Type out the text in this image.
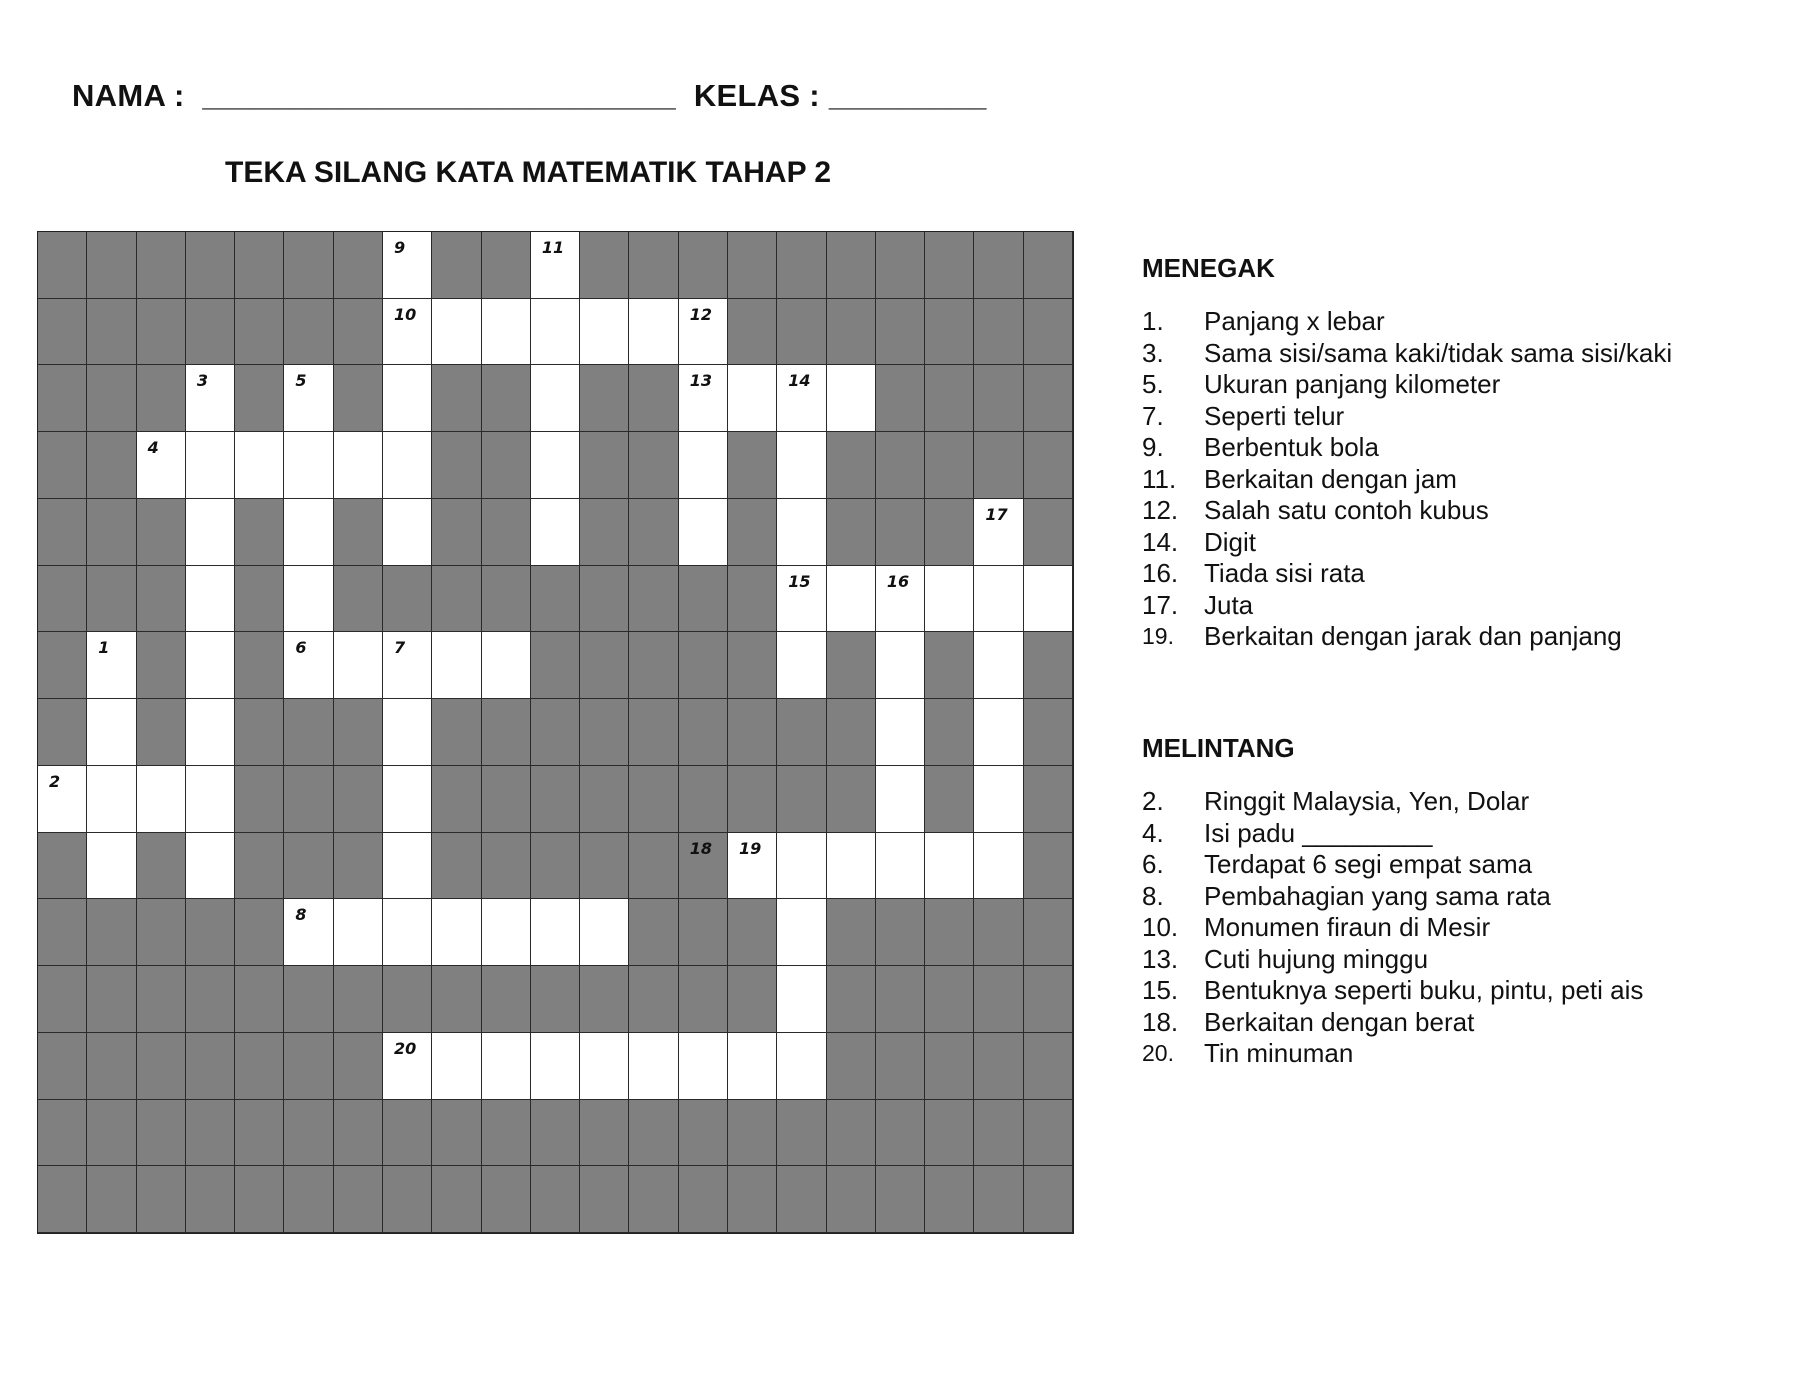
NAMA :  ___________________________  KELAS : _________
TEKA SILANG KATA MATEMATIK TAHAP 2
9	11
10	12
3	5	13	14
4
17
15	16
1	6	7
2
18 19
8
20
MENEGAK
1.	Panjang x lebar
3.	Sama sisi/sama kaki/tidak sama sisi/kaki
5.	Ukuran panjang kilometer
7.	Seperti telur
9.	Berbentuk bola
11.	Berkaitan dengan jam
12. Salah satu contoh kubus
14. Digit
16. Tiada sisi rata
17. Juta
19.	Berkaitan dengan jarak dan panjang
MELINTANG
2.	Ringgit Malaysia, Yen, Dolar
4.	Isi padu _________
6.	Terdapat 6 segi empat sama
8.	Pembahagian yang sama rata
10. Monumen firaun di Mesir
13. Cuti hujung minggu
15. Bentuknya seperti buku, pintu, peti ais
18. Berkaitan dengan berat
20.	Tin minuman
